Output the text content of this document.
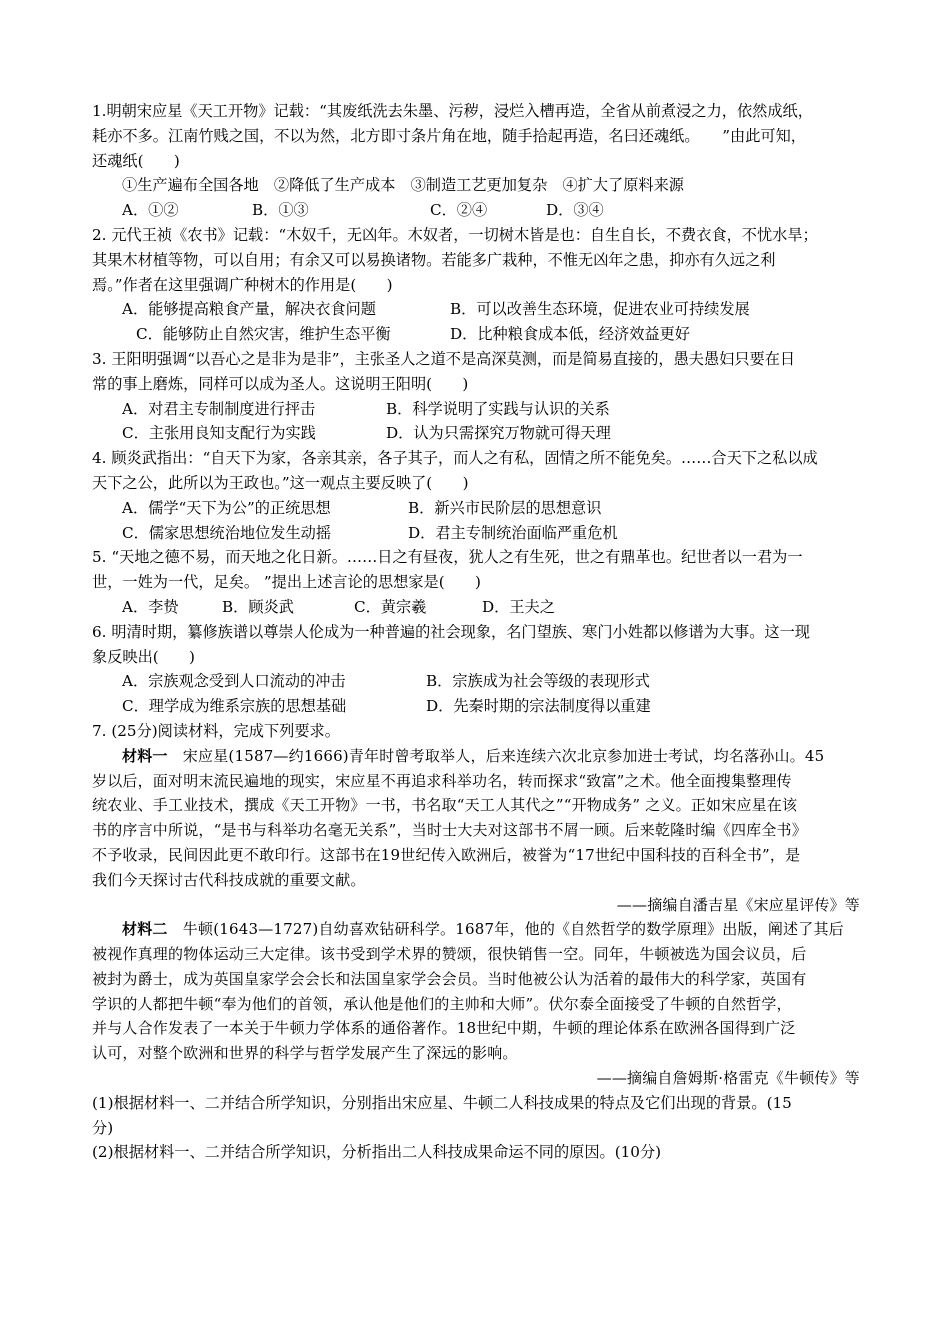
1.明朝宋应星《天工开物》记载：“其废纸洗去朱墨、污秽，浸烂入槽再造，全省从前煮浸之力，依然成纸，
耗亦不多。江南竹贱之国，不以为然，北方即寸条片角在地，随手拾起再造，名曰还魂纸。　　”由此可知，
还魂纸(　　)
①生产遍布全国各地　②降低了生产成本　③制造工艺更加复杂　④扩大了原料来源
A．①②	B．①③	C．②④	D．③④
2. 元代王祯《农书》记载：“木奴千，无凶年。木奴者，一切树木皆是也：自生自长，不费衣食，不忧水旱；
其果木材植等物，可以自用；有余又可以易换诸物。若能多广栽种，不惟无凶年之患，抑亦有久远之利
焉。”作者在这里强调广种树木的作用是(　　)
A．能够提高粮食产量，解决衣食问题	B．可以改善生态环境，促进农业可持续发展
C．能够防止自然灾害，维护生态平衡	D．比种粮食成本低，经济效益更好
3. 王阳明强调“以吾心之是非为是非”，主张圣人之道不是高深莫测，而是简易直接的，愚夫愚妇只要在日
常的事上磨炼，同样可以成为圣人。这说明王阳明(　　)
A．对君主专制制度进行抨击	B．科学说明了实践与认识的关系
C．主张用良知支配行为实践	D．认为只需探究万物就可得天理
4. 顾炎武指出：“自天下为家，各亲其亲，各子其子，而人之有私，固情之所不能免矣。……合天下之私以成
天下之公，此所以为王政也。”这一观点主要反映了(　　)
A．儒学“天下为公”的正统思想	B．新兴市民阶层的思想意识
C．儒家思想统治地位发生动摇	D．君主专制统治面临严重危机
5. “天地之德不易，而天地之化日新。……日之有昼夜，犹人之有生死，世之有鼎革也。纪世者以一君为一
世，一姓为一代，足矣。 ”提出上述言论的思想家是(　　)
A．李贽	B．顾炎武	C．黄宗羲	D．王夫之
6. 明清时期，纂修族谱以尊崇人伦成为一种普遍的社会现象，名门望族、寒门小姓都以修谱为大事。这一现
象反映出(　　)
A．宗族观念受到人口流动的冲击	B．宗族成为社会等级的表现形式
C．理学成为维系宗族的思想基础	D．先秦时期的宗法制度得以重建
7. (25分)阅读材料，完成下列要求。
材料一　宋应星(1587—约1666)青年时曾考取举人，后来连续六次北京参加进士考试，均名落孙山。45
岁以后，面对明末流民遍地的现实，宋应星不再追求科举功名，转而探求“致富”之术。他全面搜集整理传
统农业、手工业技术，撰成《天工开物》一书，书名取“天工人其代之”“开物成务” 之义。正如宋应星在该
书的序言中所说，“是书与科举功名毫无关系”，当时士大夫对这部书不屑一顾。后来乾隆时编《四库全书》
不予收录，民间因此更不敢印行。这部书在19世纪传入欧洲后，被誉为“17世纪中国科技的百科全书”，是
我们今天探讨古代科技成就的重要文献。
——摘编自潘吉星《宋应星评传》等
材料二　牛顿(1643—1727)自幼喜欢钻研科学。1687年，他的《自然哲学的数学原理》出版，阐述了其后
被视作真理的物体运动三大定律。该书受到学术界的赞颂，很快销售一空。同年，牛顿被选为国会议员，后
被封为爵士，成为英国皇家学会会长和法国皇家学会会员。当时他被公认为活着的最伟大的科学家，英国有
学识的人都把牛顿“奉为他们的首领，承认他是他们的主帅和大师”。伏尔泰全面接受了牛顿的自然哲学，
并与人合作发表了一本关于牛顿力学体系的通俗著作。18世纪中期，牛顿的理论体系在欧洲各国得到广泛
认可，对整个欧洲和世界的科学与哲学发展产生了深远的影响。
——摘编自詹姆斯·格雷克《牛顿传》等
(1)根据材料一、二并结合所学知识，分别指出宋应星、牛顿二人科技成果的特点及它们出现的背景。(15
分)
(2)根据材料一、二并结合所学知识，分析指出二人科技成果命运不同的原因。(10分)
